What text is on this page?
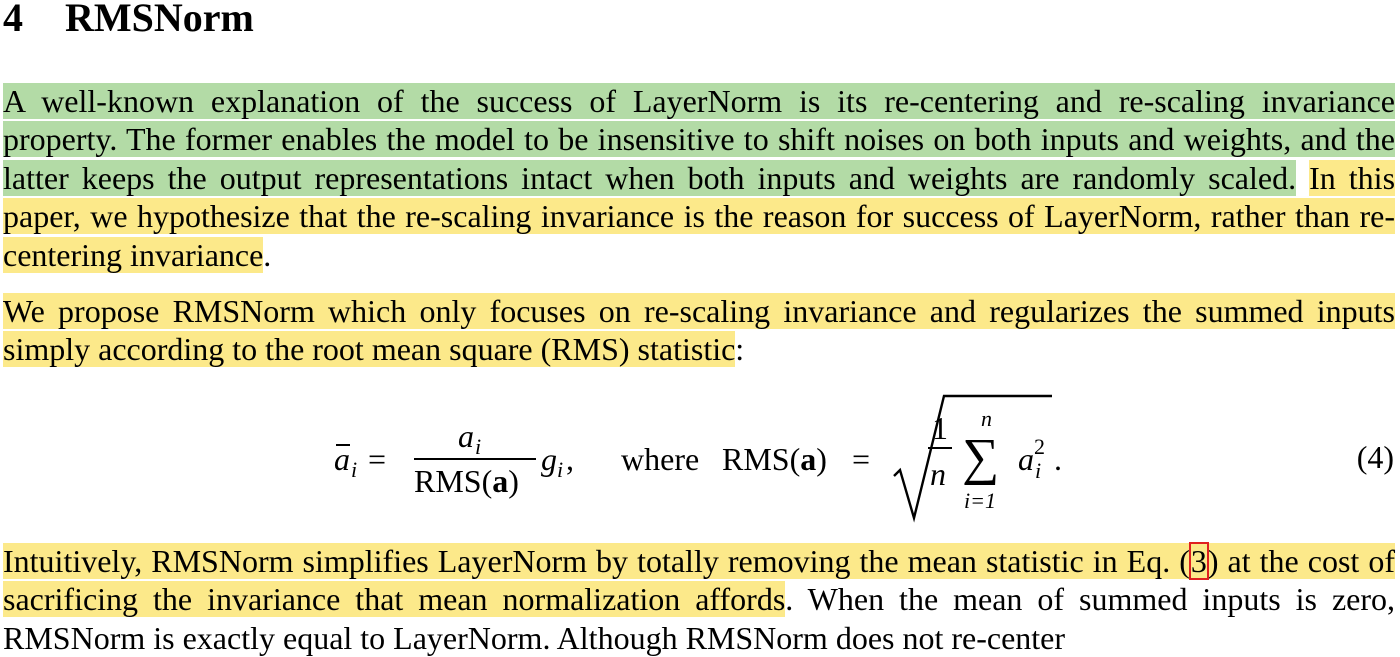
4 RMSNorm

A well-known explanation of the success of LayerNorm is its re-centering and re-scaling invariance property. The former enables the model to be insensitive to shift noises on both inputs and weights, and the latter keeps the output representations intact when both inputs and weights are randomly scaled. In this paper, we hypothesize that the re-scaling invariance is the reason for success of LayerNorm, rather than re-centering invariance.

We propose RMSNorm which only focuses on re-scaling invariance and regularizes the summed inputs simply according to the root mean square (RMS) statistic:

a i =
a i
RMS(a)
g i , where RMS(a) =
1
n
n
∑
i=1
a 2
i .	(4)

Intuitively, RMSNorm simplifies LayerNorm by totally removing the mean statistic in Eq. (3) at the cost of sacrificing the invariance that mean normalization affords. When the mean of summed inputs is zero, RMSNorm is exactly equal to LayerNorm. Although RMSNorm does not re-center
